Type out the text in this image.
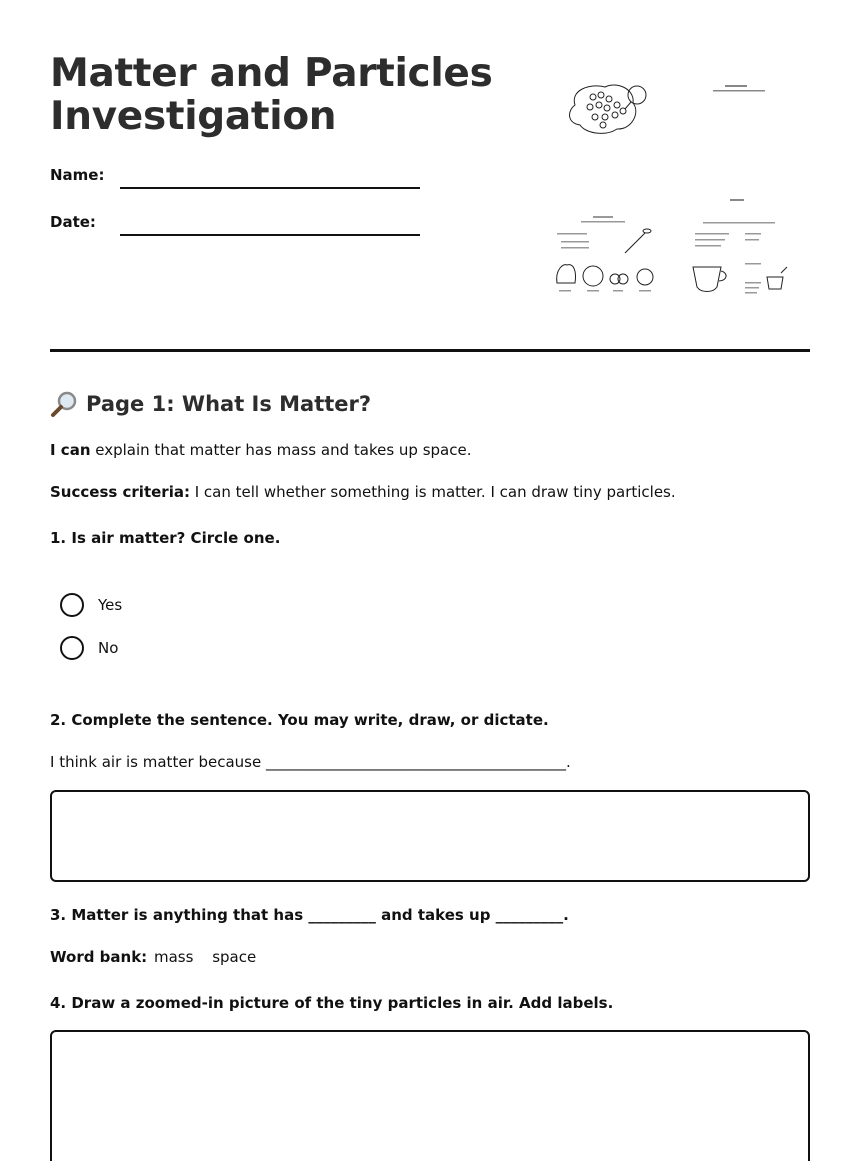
Matter and Particles
Investigation
Name:
Date:
Page 1: What Is Matter?
I can explain that matter has mass and takes up space.
Success criteria: I can tell whether something is matter. I can draw tiny particles.
1. Is air matter? Circle one.
Yes
No
2. Complete the sentence. You may write, draw, or dictate.
I think air is matter because ________________________________________.
3. Matter is anything that has _________ and takes up _________.
Word bank: mass space
4. Draw a zoomed-in picture of the tiny particles in air. Add labels.
